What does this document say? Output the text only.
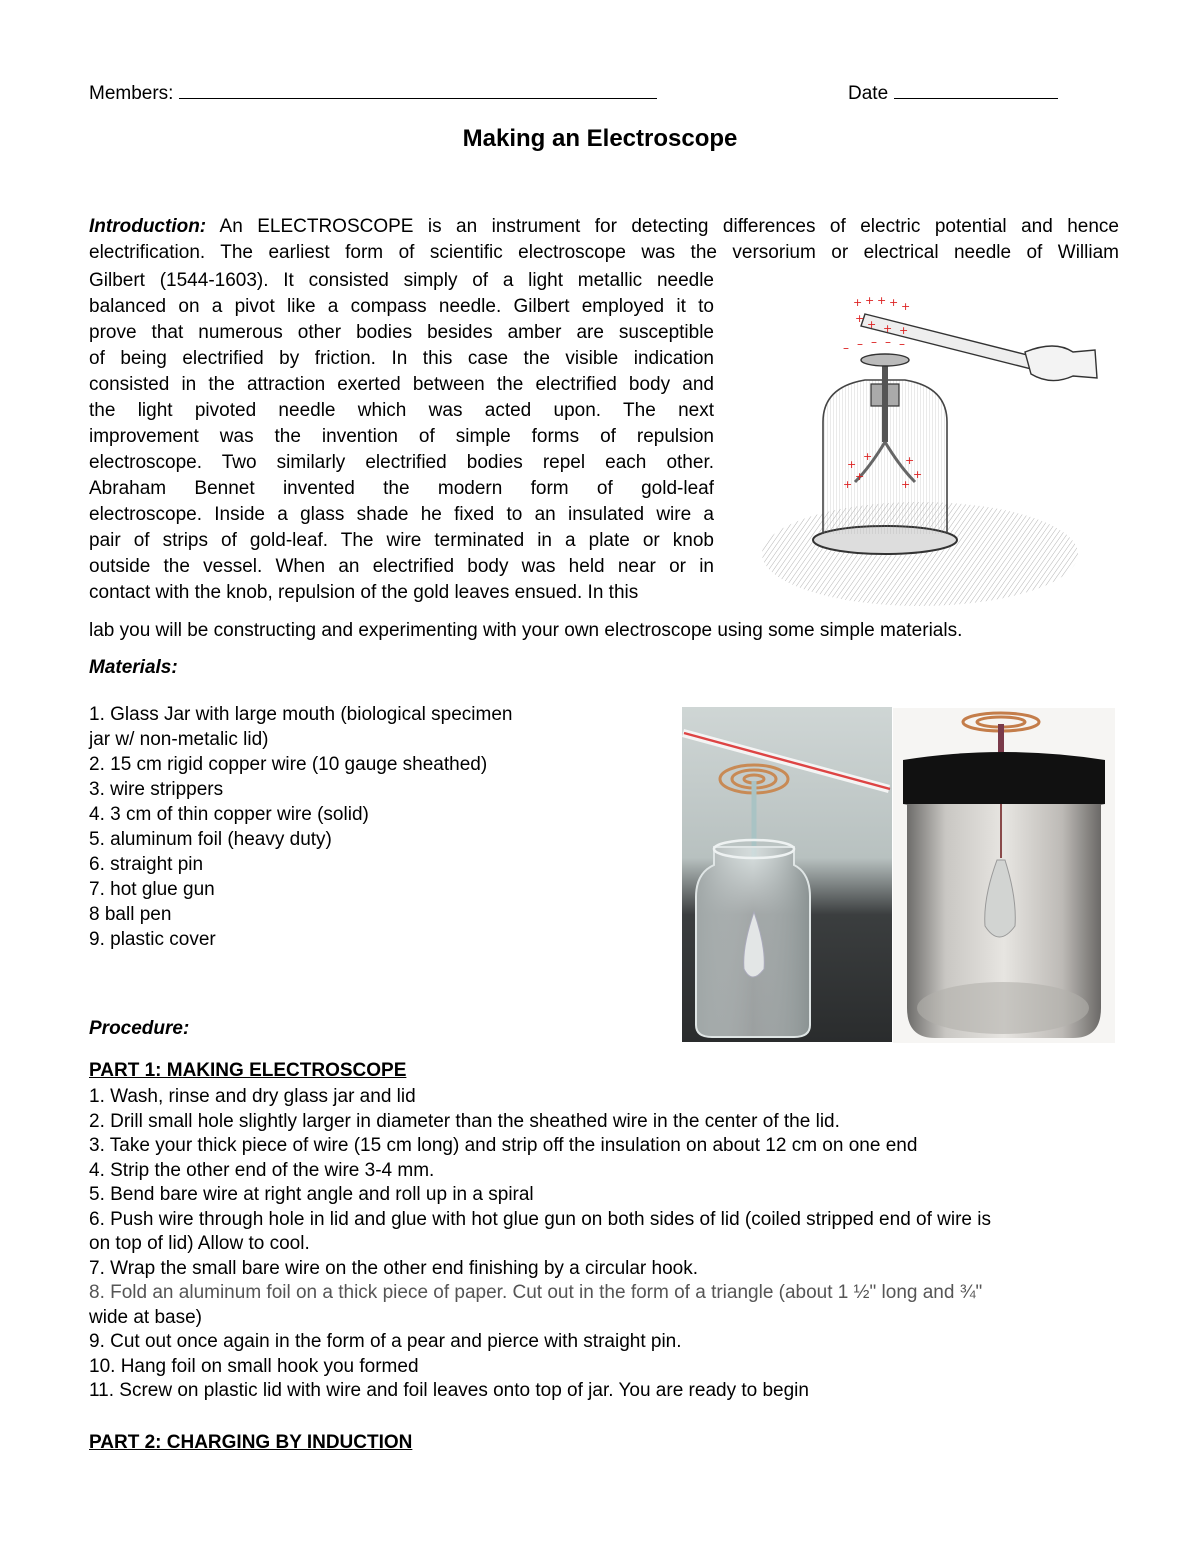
Members:	Date
Making an Electroscope
Introduction: An ELECTROSCOPE is an instrument for detecting differences of electric potential and hence
electrification. The earliest form of scientific electroscope was the versorium or electrical needle of William
Gilbert (1544-1603). It consisted simply of a light metallic needle
balanced on a pivot like a compass needle. Gilbert employed it to
prove that numerous other bodies besides amber are susceptible
of being electrified by friction. In this case the visible indication
consisted in the attraction exerted between the electrified body and
the light pivoted needle which was acted upon. The next
improvement was the invention of simple forms of repulsion
electroscope. Two similarly electrified bodies repel each other.
Abraham Bennet invented the modern form of gold-leaf
electroscope. Inside a glass shade he fixed to an insulated wire a
pair of strips of gold-leaf. The wire terminated in a plate or knob
outside the vessel. When an electrified body was held near or in
contact with the knob, repulsion of the gold leaves ensued. In this
lab you will be constructing and experimenting with your own electroscope using some simple materials.
+
+
+	+
+
+
+
– – – – –
+ + + + +
+ + + +
Materials:
1. Glass Jar with large mouth (biological specimen
jar w/ non-metalic lid)
2. 15 cm rigid copper wire (10 gauge sheathed)
3. wire strippers
4. 3 cm of thin copper wire (solid)
5. aluminum foil (heavy duty)
6. straight pin
7. hot glue gun
8 ball pen
9. plastic cover
Procedure:
PART 1: MAKING ELECTROSCOPE
1. Wash, rinse and dry glass jar and lid
2. Drill small hole slightly larger in diameter than the sheathed wire in the center of the lid.
3. Take your thick piece of wire (15 cm long) and strip off the insulation on about 12 cm on one end
4. Strip the other end of the wire 3-4 mm.
5. Bend bare wire at right angle and roll up in a spiral
6. Push wire through hole in lid and glue with hot glue gun on both sides of lid (coiled stripped end of wire is
on top of lid) Allow to cool.
7. Wrap the small bare wire on the other end finishing by a circular hook.
8. Fold an aluminum foil on a thick piece of paper. Cut out in the form of a triangle (about 1 ½" long and ¾"
wide at base)
9. Cut out once again in the form of a pear and pierce with straight pin.
10. Hang foil on small hook you formed
11. Screw on plastic lid with wire and foil leaves onto top of jar. You are ready to begin
PART 2: CHARGING BY INDUCTION
